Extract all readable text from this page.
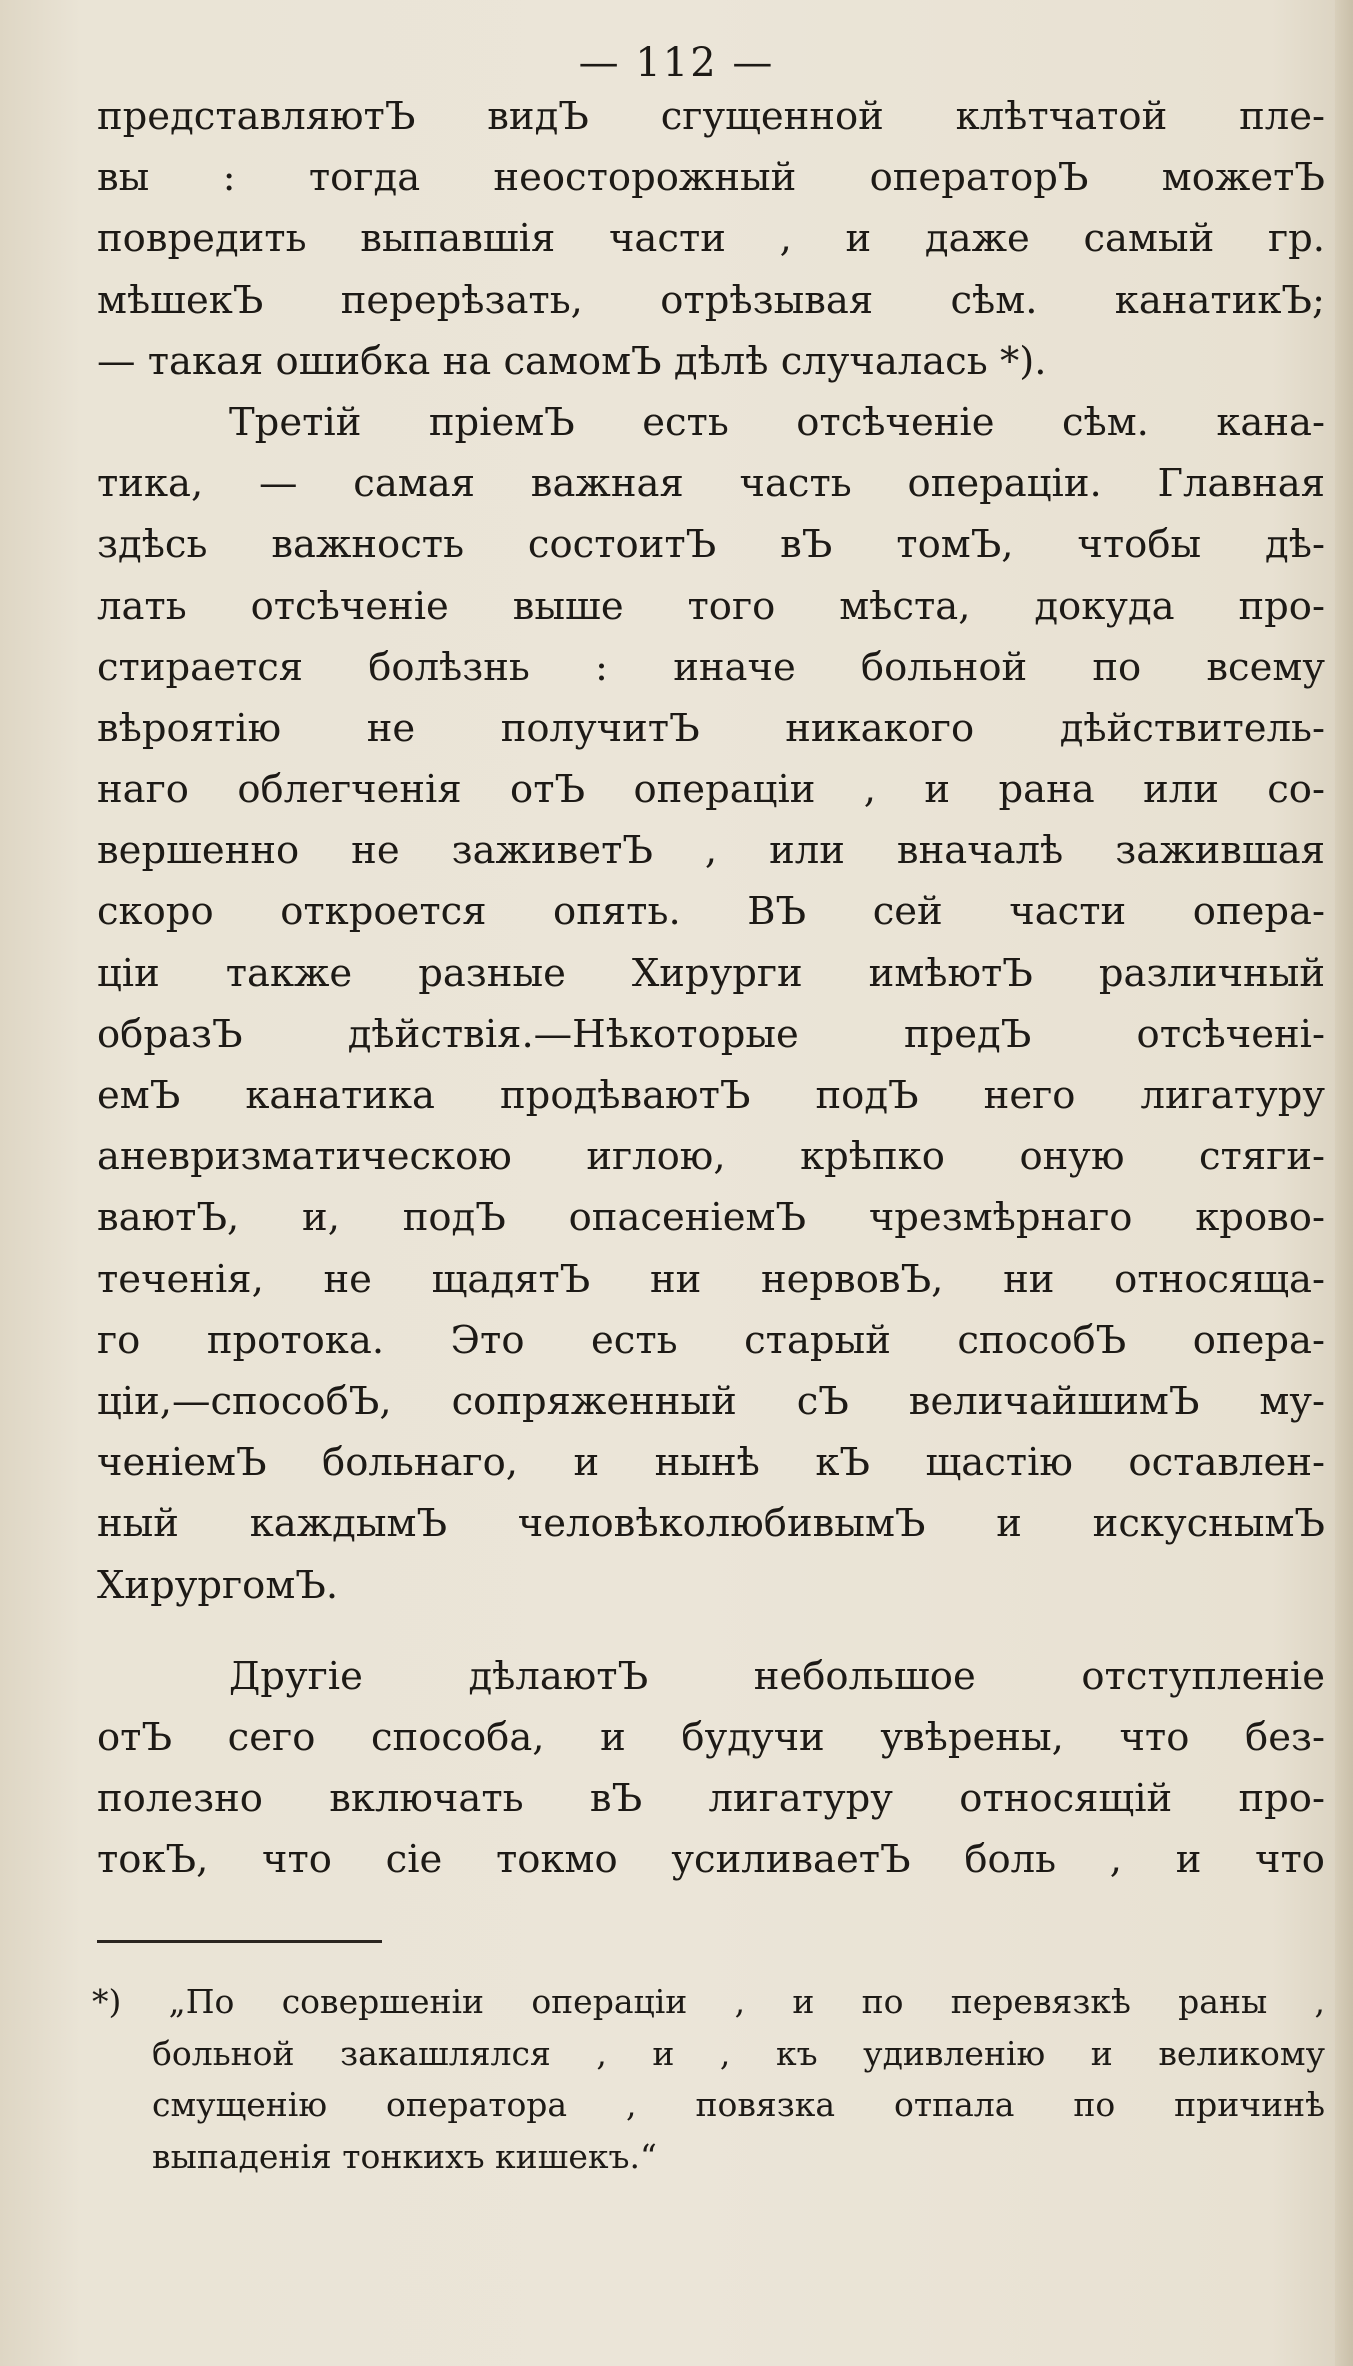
— 112 —
представляютЪ видЪ сгущенной клѣтчатой пле-
вы : тогда неосторожный операторЪ можетЪ
повредить выпавшія части , и даже самый гр.
мѣшекЪ перерѣзать, отрѣзывая сѣм. канатикЪ;
— такая ошибка на самомЪ дѣлѣ случалась *).
Третій пріемЪ есть отсѣченіе сѣм. кана-
тика, — самая важная часть операціи. Главная
здѣсь важность состоитЪ вЪ томЪ, чтобы дѣ-
лать отсѣченіе выше того мѣста, докуда про-
стирается болѣзнь : иначе больной по всему
вѣроятію не получитЪ никакого дѣйствитель-
наго облегченія отЪ операціи , и рана или со-
вершенно не заживетЪ , или вначалѣ зажившая
скоро откроется опять. ВЪ сей части опера-
ціи также разные Хирурги имѣютЪ различный
образЪ дѣйствія.—Нѣкоторые предЪ отсѣченi-
емЪ канатика продѣваютЪ подЪ него лигатуру
аневризматическою иглою, крѣпко оную стяги-
ваютЪ, и, подЪ опасеніемЪ чрезмѣрнаго крово-
теченія, не щадятЪ ни нервовЪ, ни относяща-
го протока. Это есть старый способЪ опера-
ціи,—способЪ, сопряженный сЪ величайшимЪ му-
ченіемЪ больнаго, и нынѣ кЪ щастію оставлен-
ный каждымЪ человѣколюбивымЪ и искуснымЪ
ХирургомЪ.
Другіе дѣлаютЪ небольшое отступленіе
отЪ сего способа, и будучи увѣрены, что без-
полезно включать вЪ лигатуру относящій про-
токЪ, что сіе токмо усиливаетЪ боль , и что
*) „По совершеніи операціи , и по перевязкѣ раны ,
больной закашлялся , и , къ удивленію и великому
смущенію оператора , повязка отпала по причинѣ
выпаденія тонкихъ кишекъ.“
